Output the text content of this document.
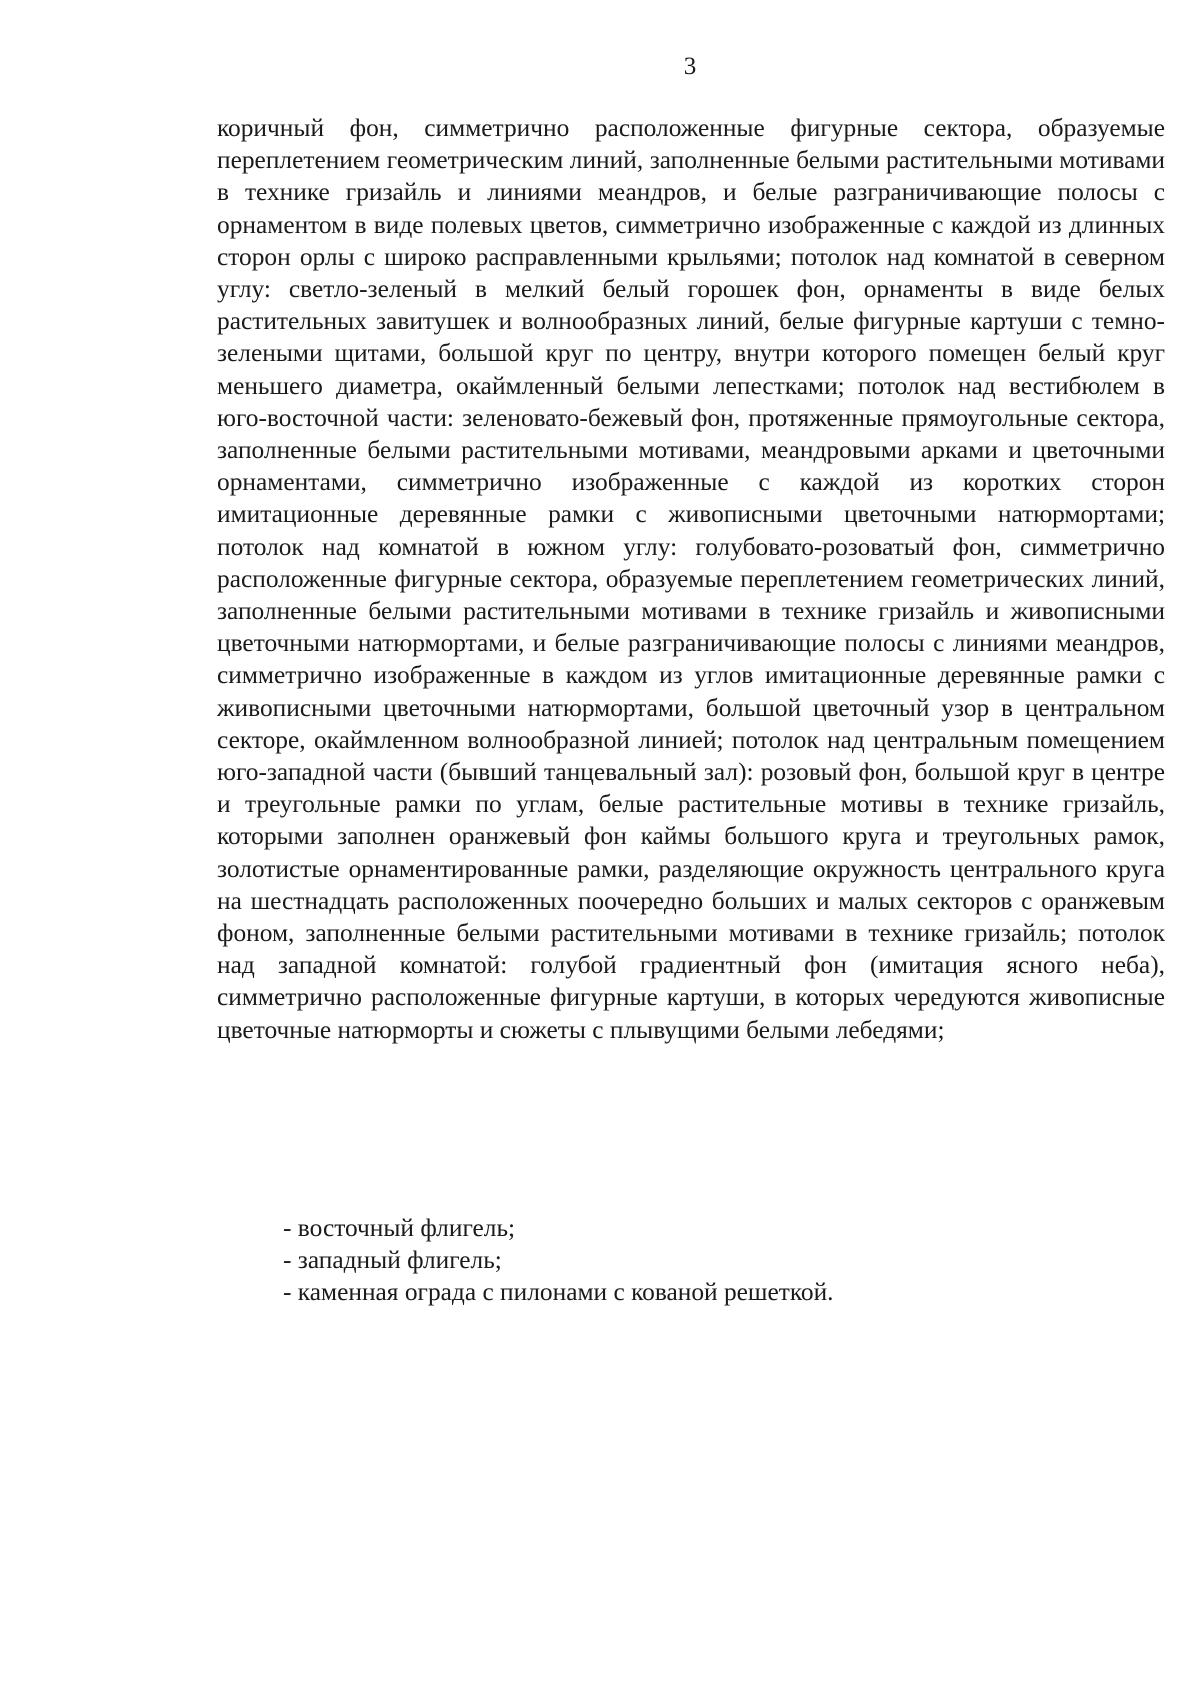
3

коричный фон, симметрично расположенные фигурные сектора, образуемые переплетением геометрическим линий, заполненные белыми растительными мотивами в технике гризайль и линиями меандров, и белые разграничивающие полосы с орнаментом в виде полевых цветов, симметрично изображенные с каждой из длинных сторон орлы с широко расправленными крыльями; потолок над комнатой в северном углу: светло-зеленый в мелкий белый горошек фон, орнаменты в виде белых растительных завитушек и волнообразных линий, белые фигурные картуши с темно-зелеными щитами, большой круг по центру, внутри которого помещен белый круг меньшего диаметра, окаймленный белыми лепестками; потолок над вестибюлем в юго-восточной части: зеленовато-бежевый фон, протяженные прямоугольные сектора, заполненные белыми растительными мотивами, меандровыми арками и цветочными орнаментами, симметрично изображенные с каждой из коротких сторон имитационные деревянные рамки с живописными цветочными натюрмортами; потолок над комнатой в южном углу: голубовато-розоватый фон, симметрично расположенные фигурные сектора, образуемые переплетением геометрических линий, заполненные белыми растительными мотивами в технике гризайль и живописными цветочными натюрмортами, и белые разграничивающие полосы с линиями меандров, симметрично изображенные в каждом из углов имитационные деревянные рамки с живописными цветочными натюрмортами, большой цветочный узор в центральном секторе, окаймленном волнообразной линией; потолок над центральным помещением юго-западной части (бывший танцевальный зал): розовый фон, большой круг в центре и треугольные рамки по углам, белые растительные мотивы в технике гризайль, которыми заполнен оранжевый фон каймы большого круга и треугольных рамок, золотистые орнаментированные рамки, разделяющие окружность центрального круга на шестнадцать расположенных поочередно больших и малых секторов с оранжевым фоном, заполненные белыми растительными мотивами в технике гризайль; потолок над западной комнатой: голубой градиентный фон (имитация ясного неба), симметрично расположенные фигурные картуши, в которых чередуются живописные цветочные натюрморты и сюжеты с плывущими белыми лебедями;

- восточный флигель;
- западный флигель;
- каменная ограда с пилонами с кованой решеткой.
